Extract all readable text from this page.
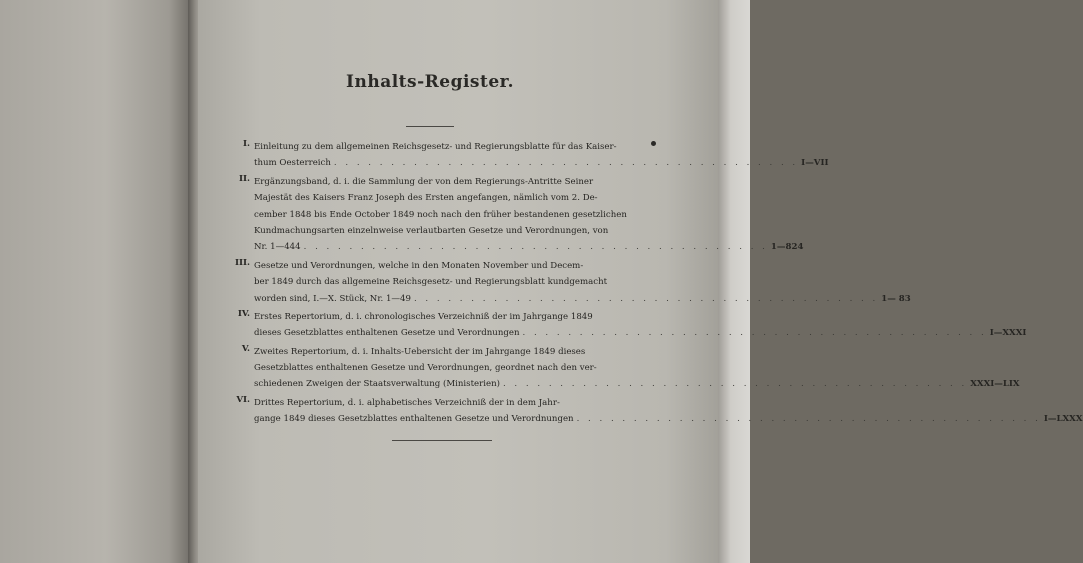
Inhalts-Register.
I. Einleitung zu dem allgemeinen Reichsgesetz- und Regierungsblatte für das Kaiser-
thum Oesterreich . . .	I—VII
II. Ergänzungsband, d. i. die Sammlung der von dem Regierungs-Antritte Seiner
Majestät des Kaisers Franz Joseph des Ersten angefangen, nämlich vom 2. De-
cember 1848 bis Ende October 1849 noch nach den früher bestandenen gesetzlichen
Kundmachungsarten einzelnweise verlautbarten Gesetze und Verordnungen, von
Nr. 1—444 . . .	1—824
III. Gesetze und Verordnungen, welche in den Monaten November und Decem-
ber 1849 durch das allgemeine Reichsgesetz- und Regierungsblatt kundgemacht
worden sind, I.—X. Stück, Nr. 1—49 . . .	1— 83
IV. Erstes Repertorium, d. i. chronologisches Verzeichniß der im Jahrgange 1849
dieses Gesetzblattes enthaltenen Gesetze und Verordnungen . . .	I—XXXI
V. Zweites Repertorium, d. i. Inhalts-Uebersicht der im Jahrgange 1849 dieses
Gesetzblattes enthaltenen Gesetze und Verordnungen, geordnet nach den ver-
schiedenen Zweigen der Staatsverwaltung (Ministerien) . . .	XXXI—LIX
VI. Drittes Repertorium, d. i. alphabetisches Verzeichniß der in dem Jahr-
gange 1849 dieses Gesetzblattes enthaltenen Gesetze und Verordnungen . . .	I—LXXX
